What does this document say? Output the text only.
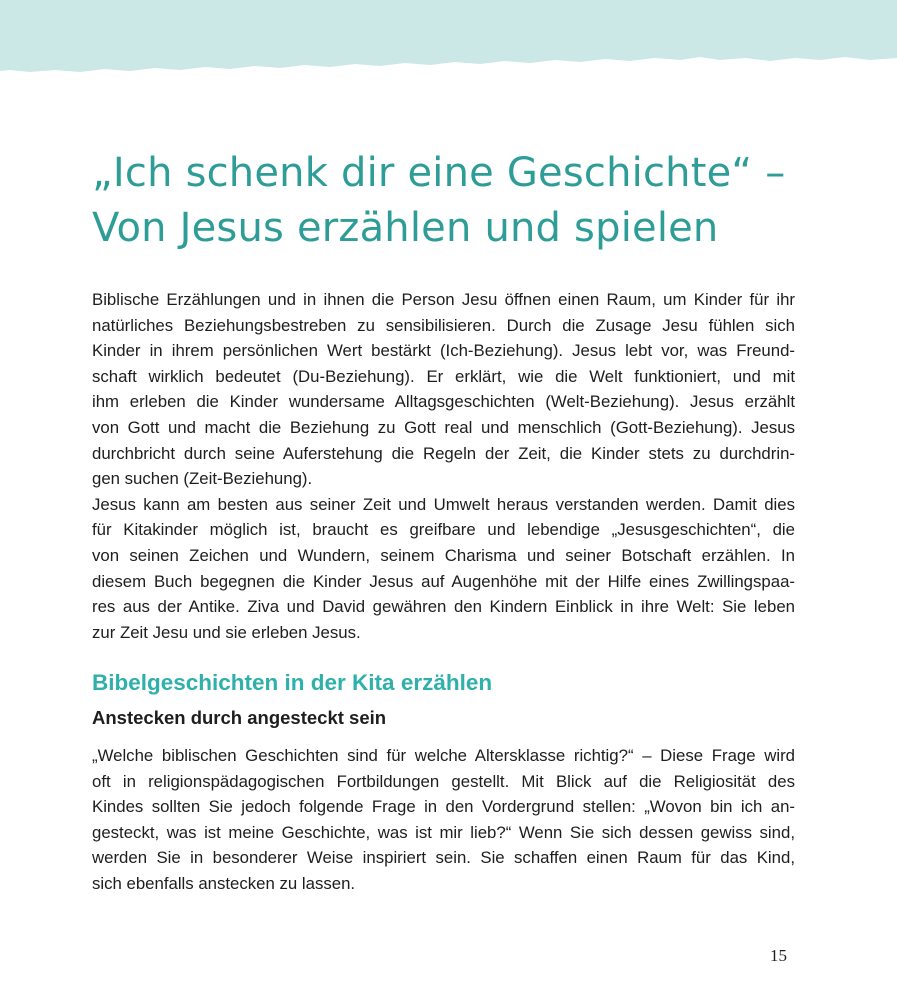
„Ich schenk dir eine Geschichte“ –
Von Jesus erzählen und spielen
Biblische Erzählungen und in ihnen die Person Jesu öffnen einen Raum, um Kinder für ihr
natürliches Beziehungsbestreben zu sensibilisieren. Durch die Zusage Jesu fühlen sich
Kinder in ihrem persönlichen Wert bestärkt (Ich-Beziehung). Jesus lebt vor, was Freund-
schaft wirklich bedeutet (Du-Beziehung). Er erklärt, wie die Welt funktioniert, und mit
ihm erleben die Kinder wundersame Alltagsgeschichten (Welt-Beziehung). Jesus erzählt
von Gott und macht die Beziehung zu Gott real und menschlich (Gott-Beziehung). Jesus
durchbricht durch seine Auferstehung die Regeln der Zeit, die Kinder stets zu durchdrin-
gen suchen (Zeit-Beziehung).
Jesus kann am besten aus seiner Zeit und Umwelt heraus verstanden werden. Damit dies
für Kitakinder möglich ist, braucht es greifbare und lebendige „Jesusgeschichten“, die
von seinen Zeichen und Wundern, seinem Charisma und seiner Botschaft erzählen. In
diesem Buch begegnen die Kinder Jesus auf Augenhöhe mit der Hilfe eines Zwillingspaa-
res aus der Antike. Ziva und David gewähren den Kindern Einblick in ihre Welt: Sie leben
zur Zeit Jesu und sie erleben Jesus.
Bibelgeschichten in der Kita erzählen
Anstecken durch angesteckt sein
„Welche biblischen Geschichten sind für welche Altersklasse richtig?“ – Diese Frage wird
oft in religionspädagogischen Fortbildungen gestellt. Mit Blick auf die Religiosität des
Kindes sollten Sie jedoch folgende Frage in den Vordergrund stellen: „Wovon bin ich an-
gesteckt, was ist meine Geschichte, was ist mir lieb?“ Wenn Sie sich dessen gewiss sind,
werden Sie in besonderer Weise inspiriert sein. Sie schaffen einen Raum für das Kind,
sich ebenfalls anstecken zu lassen.
15
